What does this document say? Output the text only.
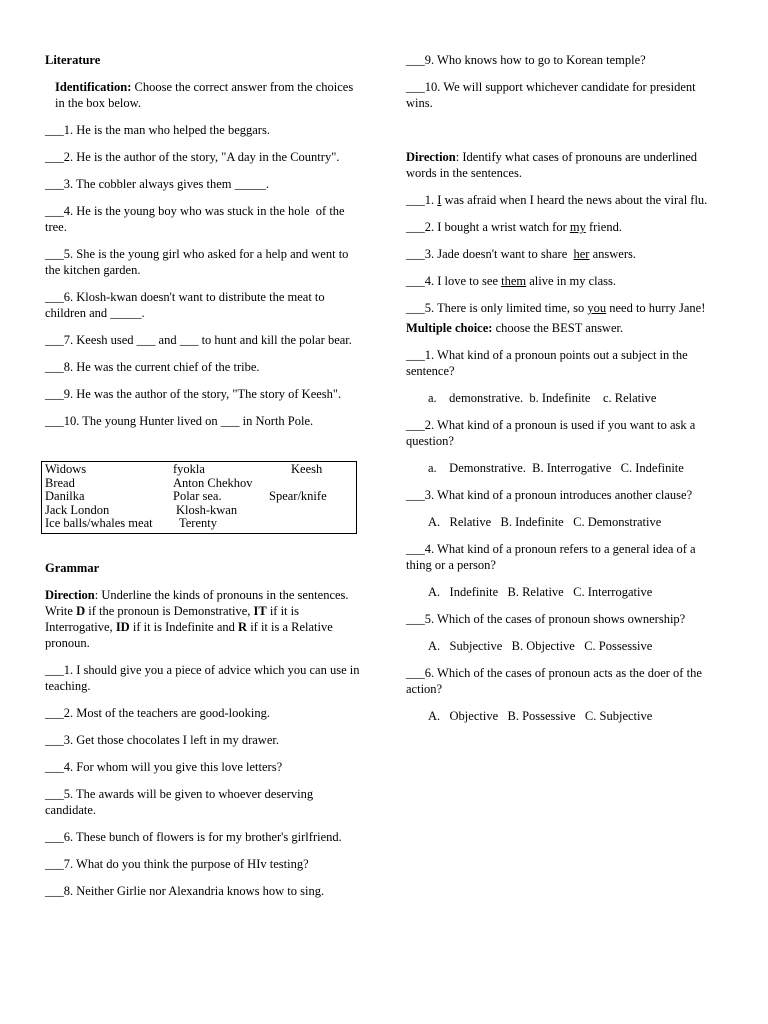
Literature

Identification: Choose the correct answer from the choices in the box below.

___1. He is the man who helped the beggars.

___2. He is the author of the story, "A day in the Country".

___3. The cobbler always gives them _____.

___4. He is the young boy who was stuck in the hole  of the        tree.

___5. She is the young girl who asked for a help and went to the kitchen garden.

___6. Klosh-kwan doesn't want to distribute the meat to children and _____.

___7. Keesh used ___ and ___ to hunt and kill the polar bear.

___8. He was the current chief of the tribe.

___9. He was the author of the story, "The story of Keesh".

___10. The young Hunter lived on ___ in North Pole.

Widows	fyokla	Keesh
Bread	Anton Chekhov
Danilka	Polar sea.	Spear/knife
Jack London	Klosh-kwan
Ice balls/whales meat	Terenty

Grammar

Direction: Underline the kinds of pronouns in the sentences. Write D if the pronoun is Demonstrative, IT if it is Interrogative, ID if it is Indefinite and R if it is a Relative pronoun.

___1. I should give you a piece of advice which you can use in teaching.

___2. Most of the teachers are good-looking.

___3. Get those chocolates I left in my drawer.

___4. For whom will you give this love letters?

___5. The awards will be given to whoever deserving candidate.

___6. These bunch of flowers is for my brother's girlfriend.

___7. What do you think the purpose of HIv testing?

___8. Neither Girlie nor Alexandria knows how to sing.

___9. Who knows how to go to Korean temple?

___10. We will support whichever candidate for president wins.

Direction: Identify what cases of pronouns are underlined words in the sentences.

___1. I was afraid when I heard the news about the viral flu.

___2. I bought a wrist watch for my friend.

___3. Jade doesn't want to share  her answers.

___4. I love to see them alive in my class.

___5. There is only limited time, so you need to hurry Jane!

Multiple choice: choose the BEST answer.

___1. What kind of a pronoun points out a subject in the sentence?

a.    demonstrative.  b. Indefinite    c. Relative

___2. What kind of a pronoun is used if you want to ask a question?

a.    Demonstrative.  B. Interrogative   C. Indefinite

___3. What kind of a pronoun introduces another clause?

A.   Relative   B. Indefinite   C. Demonstrative

___4. What kind of a pronoun refers to a general idea of a thing or a person?

A.   Indefinite   B. Relative   C. Interrogative

___5. Which of the cases of pronoun shows ownership?

A.   Subjective   B. Objective   C. Possessive

___6. Which of the cases of pronoun acts as the doer of the action?

A.   Objective   B. Possessive   C. Subjective
